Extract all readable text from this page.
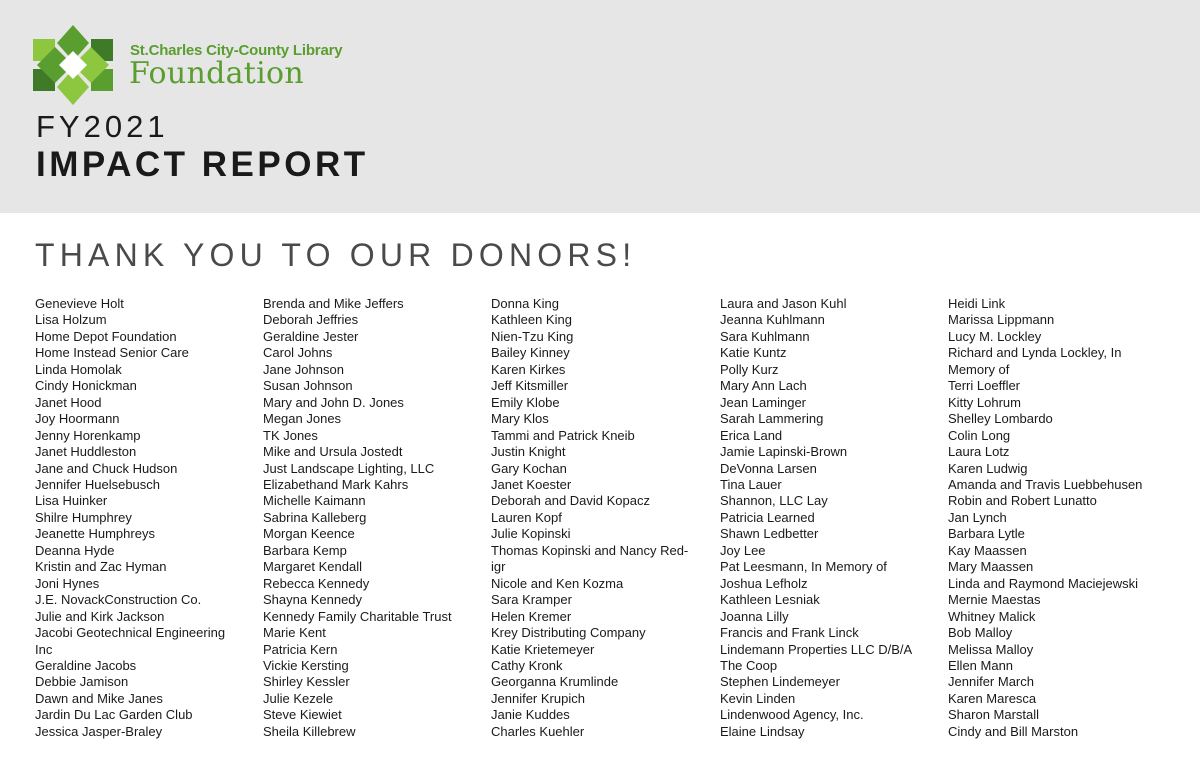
St.Charles City-County Library
Foundation
FY2021
IMPACT REPORT
THANK YOU TO OUR DONORS!
Genevieve Holt
Lisa Holzum
Home Depot Foundation
Home Instead Senior Care
Linda Homolak
Cindy Honickman
Janet Hood
Joy Hoormann
Jenny Horenkamp
Janet Huddleston
Jane and Chuck Hudson
Jennifer Huelsebusch
Lisa Huinker
Shilre Humphrey
Jeanette Humphreys
Deanna Hyde
Kristin and Zac Hyman
Joni Hynes
J.E. NovackConstruction Co.
Julie and Kirk Jackson
Jacobi Geotechnical Engineering
Inc
Geraldine Jacobs
Debbie Jamison
Dawn and Mike Janes
Jardin Du Lac Garden Club
Jessica Jasper-Braley
Brenda and Mike Jeffers
Deborah Jeffries
Geraldine Jester
Carol Johns
Jane Johnson
Susan Johnson
Mary and John D. Jones
Megan Jones
TK Jones
Mike and Ursula Jostedt
Just Landscape Lighting, LLC
Elizabethand Mark Kahrs
Michelle Kaimann
Sabrina Kalleberg
Morgan Keence
Barbara Kemp
Margaret Kendall
Rebecca Kennedy
Shayna Kennedy
Kennedy Family Charitable Trust
Marie Kent
Patricia Kern
Vickie Kersting
Shirley Kessler
Julie Kezele
Steve Kiewiet
Sheila Killebrew
Donna King
Kathleen King
Nien-Tzu King
Bailey Kinney
Karen Kirkes
Jeff Kitsmiller
Emily Klobe
Mary Klos
Tammi and Patrick Kneib
Justin Knight
Gary Kochan
Janet Koester
Deborah and David Kopacz
Lauren Kopf
Julie Kopinski
Thomas Kopinski and Nancy Red-
igr
Nicole and Ken Kozma
Sara Kramper
Helen Kremer
Krey Distributing Company
Katie Krietemeyer
Cathy Kronk
Georganna Krumlinde
Jennifer Krupich
Janie Kuddes
Charles Kuehler
Laura and Jason Kuhl
Jeanna Kuhlmann
Sara Kuhlmann
Katie Kuntz
Polly Kurz
Mary Ann Lach
Jean Laminger
Sarah Lammering
Erica Land
Jamie Lapinski-Brown
DeVonna Larsen
Tina Lauer
Shannon, LLC Lay
Patricia Learned
Shawn Ledbetter
Joy Lee
Pat Leesmann, In Memory of
Joshua Lefholz
Kathleen Lesniak
Joanna Lilly
Francis and Frank Linck
Lindemann Properties LLC D/B/A
The Coop
Stephen Lindemeyer
Kevin Linden
Lindenwood Agency, Inc.
Elaine Lindsay
Heidi Link
Marissa Lippmann
Lucy M. Lockley
Richard and Lynda Lockley, In
Memory of
Terri Loeffler
Kitty Lohrum
Shelley Lombardo
Colin Long
Laura Lotz
Karen Ludwig
Amanda and Travis Luebbehusen
Robin and Robert Lunatto
Jan Lynch
Barbara Lytle
Kay Maassen
Mary Maassen
Linda and Raymond Maciejewski
Mernie Maestas
Whitney Malick
Bob Malloy
Melissa Malloy
Ellen Mann
Jennifer March
Karen Maresca
Sharon Marstall
Cindy and Bill Marston
